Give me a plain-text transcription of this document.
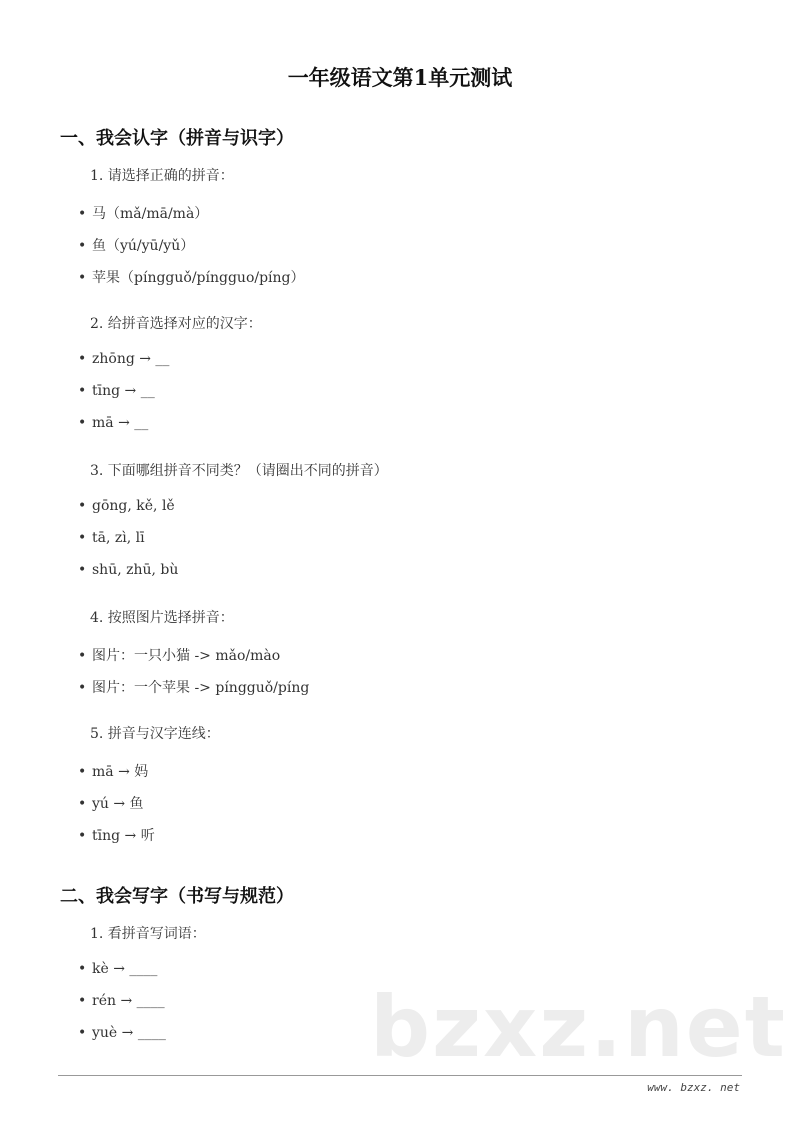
一年级语文第1单元测试
一、我会认字（拼音与识字）
1. 请选择正确的拼音：
• 马（mǎ/mā/mà）
• 鱼（yú/yū/yǔ）
• 苹果（píngguǒ/píngguo/píng）
2. 给拼音选择对应的汉字：
• zhōng → __
• tīng → __
• mā → __
3. 下面哪组拼音不同类？（请圈出不同的拼音）
• gōng, kě, lě
• tā, zì, lī
• shū, zhū, bù
4. 按照图片选择拼音：
• 图片：一只小猫 -> mǎo/mào
• 图片：一个苹果 -> píngguǒ/píng
5. 拼音与汉字连线：
• mā → 妈
• yú → 鱼
• tīng → 听
二、我会写字（书写与规范）
1. 看拼音写词语：
• kè → ____
• rén → ____
• yuè → ____ bzxz.net
www. bzxz. net
